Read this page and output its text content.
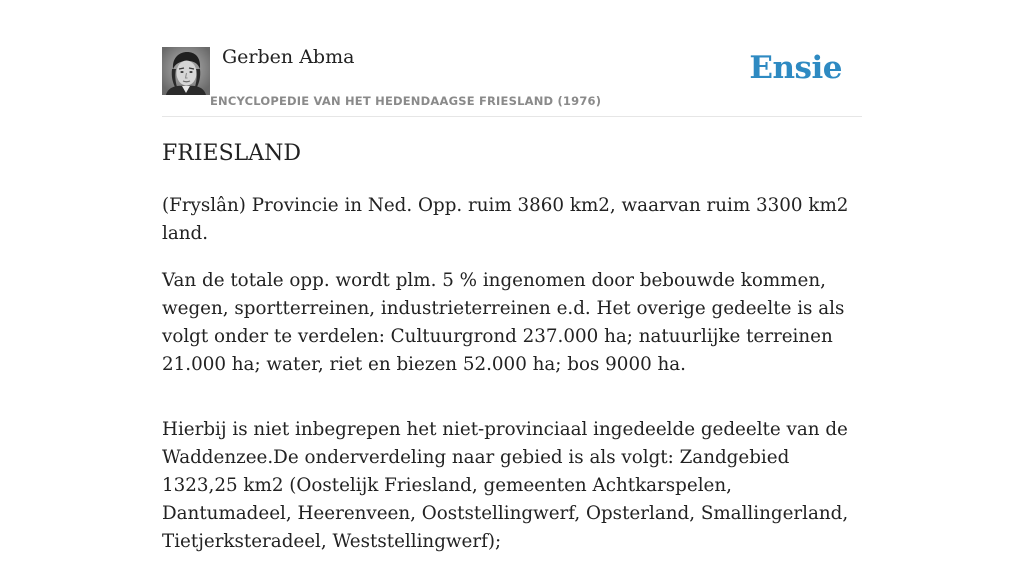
Gerben Abma
ENCYCLOPEDIE VAN HET HEDENDAAGSE FRIESLAND (1976)
Ensie
FRIESLAND

(Fryslân) Provincie in Ned. Opp. ruim 3860 km2, waarvan ruim 3300 km2 land.

Van de totale opp. wordt plm. 5 % ingenomen door bebouwde kommen, wegen, sportterreinen, industrieterreinen e.d. Het overige gedeelte is als volgt onder te verdelen: Cultuurgrond 237.000 ha; natuurlijke terreinen 21.000 ha; water, riet en biezen 52.000 ha; bos 9000 ha.

Hierbij is niet inbegrepen het niet-provinciaal ingedeelde gedeelte van de Waddenzee.De onderverdeling naar gebied is als volgt: Zandgebied 1323,25 km2 (Oostelijk Friesland, gemeenten Achtkarspelen, Dantumadeel, Heerenveen, Ooststellingwerf, Opsterland, Smallingerland, Tietjerksteradeel, Weststellingwerf);
